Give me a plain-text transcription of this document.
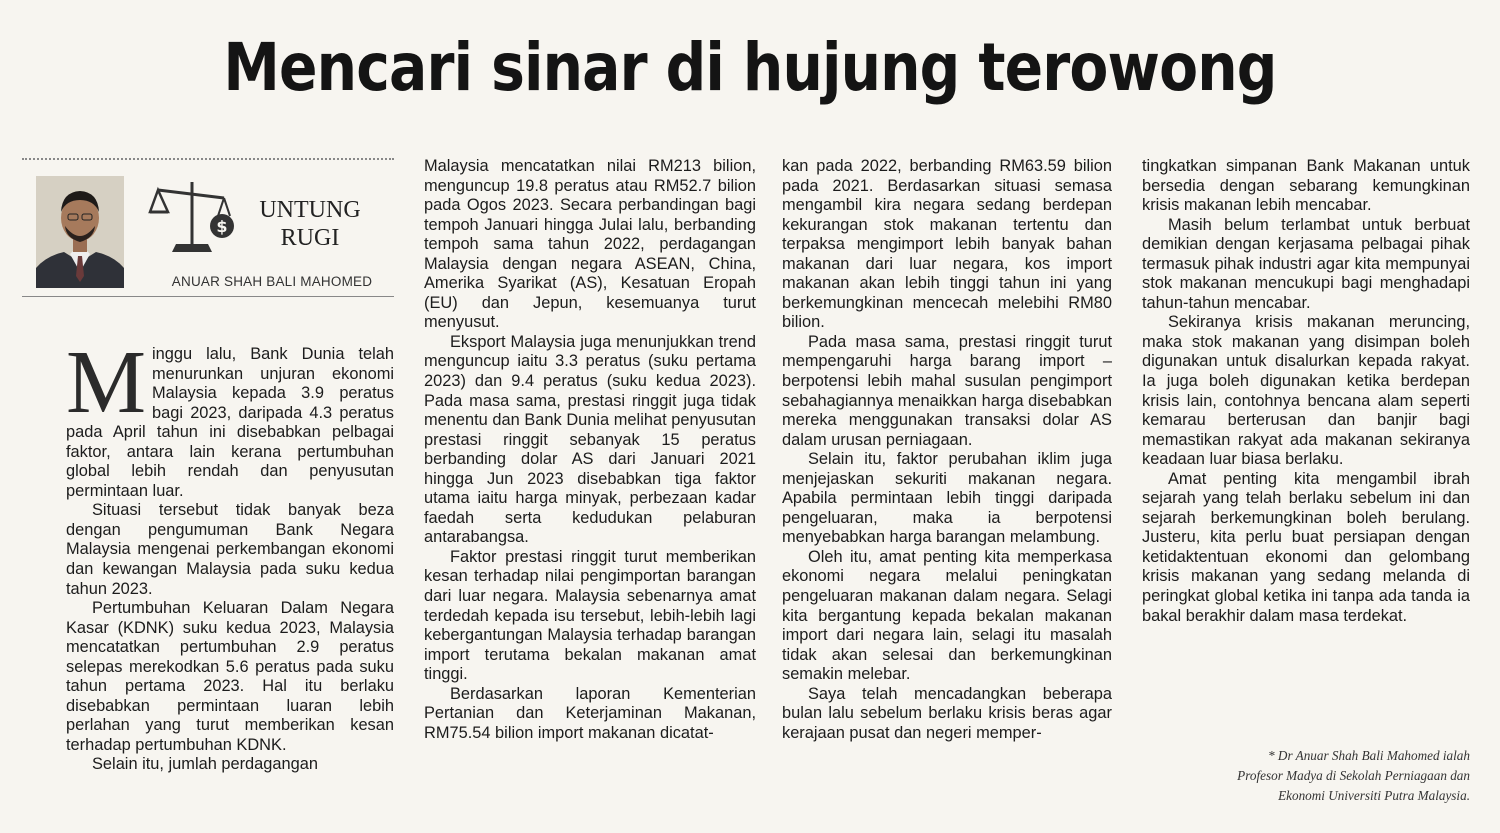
Mencari sinar di hujung terowong
$
UNTUNG
RUGI
ANUAR SHAH BALI MAHOMED

Minggu lalu, Bank Dunia telah menurunkan unjuran ekonomi Malaysia kepada 3.9 peratus bagi 2023, daripada 4.3 peratus pada April tahun ini disebabkan pelbagai faktor, antara lain kerana pertumbuhan global lebih rendah dan penyusutan permintaan luar.

Situasi tersebut tidak banyak beza dengan pengumuman Bank Negara Malaysia mengenai perkembangan ekonomi dan kewangan Malaysia pada suku kedua tahun 2023.

Pertumbuhan Keluaran Dalam Negara Kasar (KDNK) suku kedua 2023, Malaysia mencatatkan pertumbuhan 2.9 peratus selepas merekodkan 5.6 peratus pada suku tahun pertama 2023. Hal itu berlaku disebabkan permintaan luaran lebih perlahan yang turut memberikan kesan terhadap pertumbuhan KDNK.

Selain itu, jumlah perdagangan

Malaysia mencatatkan nilai RM213 bilion, menguncup 19.8 peratus atau RM52.7 bilion pada Ogos 2023. Secara perbandingan bagi tempoh Januari hingga Julai lalu, berbanding tempoh sama tahun 2022, perdagangan Malaysia dengan negara ASEAN, China, Amerika Syarikat (AS), Kesatuan Eropah (EU) dan Jepun, kesemuanya turut menyusut.

Eksport Malaysia juga menunjukkan trend menguncup iaitu 3.3 peratus (suku pertama 2023) dan 9.4 peratus (suku kedua 2023). Pada masa sama, prestasi ringgit juga tidak menentu dan Bank Dunia melihat penyusutan prestasi ringgit sebanyak 15 peratus berbanding dolar AS dari Januari 2021 hingga Jun 2023 disebabkan tiga faktor utama iaitu harga minyak, perbezaan kadar faedah serta kedudukan pelaburan antarabangsa.

Faktor prestasi ringgit turut memberikan kesan terhadap nilai pengimportan barangan dari luar negara. Malaysia sebenarnya amat terdedah kepada isu tersebut, lebih-lebih lagi kebergantungan Malaysia terhadap barangan import terutama bekalan makanan amat tinggi.

Berdasarkan laporan Kementerian Pertanian dan Keterjaminan Makanan, RM75.54 bilion import makanan dicatat-

kan pada 2022, berbanding RM63.59 bilion pada 2021. Berdasarkan situasi semasa mengambil kira negara sedang berdepan kekurangan stok makanan tertentu dan terpaksa mengimport lebih banyak bahan makanan dari luar negara, kos import makanan akan lebih tinggi tahun ini yang berkemungkinan mencecah melebihi RM80 bilion.

Pada masa sama, prestasi ringgit turut mempengaruhi harga barang import – berpotensi lebih mahal susulan pengimport sebahagiannya menaikkan harga disebabkan mereka menggunakan transaksi dolar AS dalam urusan perniagaan.

Selain itu, faktor perubahan iklim juga menjejaskan sekuriti makanan negara. Apabila permintaan lebih tinggi daripada pengeluaran, maka ia berpotensi menyebabkan harga barangan melambung.

Oleh itu, amat penting kita memperkasa ekonomi negara melalui peningkatan pengeluaran makanan dalam negara. Selagi kita bergantung kepada bekalan makanan import dari negara lain, selagi itu masalah tidak akan selesai dan berkemungkinan semakin melebar.

Saya telah mencadangkan beberapa bulan lalu sebelum berlaku krisis beras agar kerajaan pusat dan negeri memper-

tingkatkan simpanan Bank Makanan untuk bersedia dengan sebarang kemungkinan krisis makanan lebih mencabar.

Masih belum terlambat untuk berbuat demikian dengan kerjasama pelbagai pihak termasuk pihak industri agar kita mempunyai stok makanan mencukupi bagi menghadapi tahun-tahun mencabar.

Sekiranya krisis makanan meruncing, maka stok makanan yang disimpan boleh digunakan untuk disalurkan kepada rakyat. Ia juga boleh digunakan ketika berdepan krisis lain, contohnya bencana alam seperti kemarau berterusan dan banjir bagi memastikan rakyat ada makanan sekiranya keadaan luar biasa berlaku.

Amat penting kita mengambil ibrah sejarah yang telah berlaku sebelum ini dan sejarah berkemungkinan boleh berulang. Justeru, kita perlu buat persiapan dengan ketidaktentuan ekonomi dan gelombang krisis makanan yang sedang melanda di peringkat global ketika ini tanpa ada tanda ia bakal berakhir dalam masa terdekat.

* Dr Anuar Shah Bali Mahomed ialah
Profesor Madya di Sekolah Perniagaan dan
Ekonomi Universiti Putra Malaysia.
